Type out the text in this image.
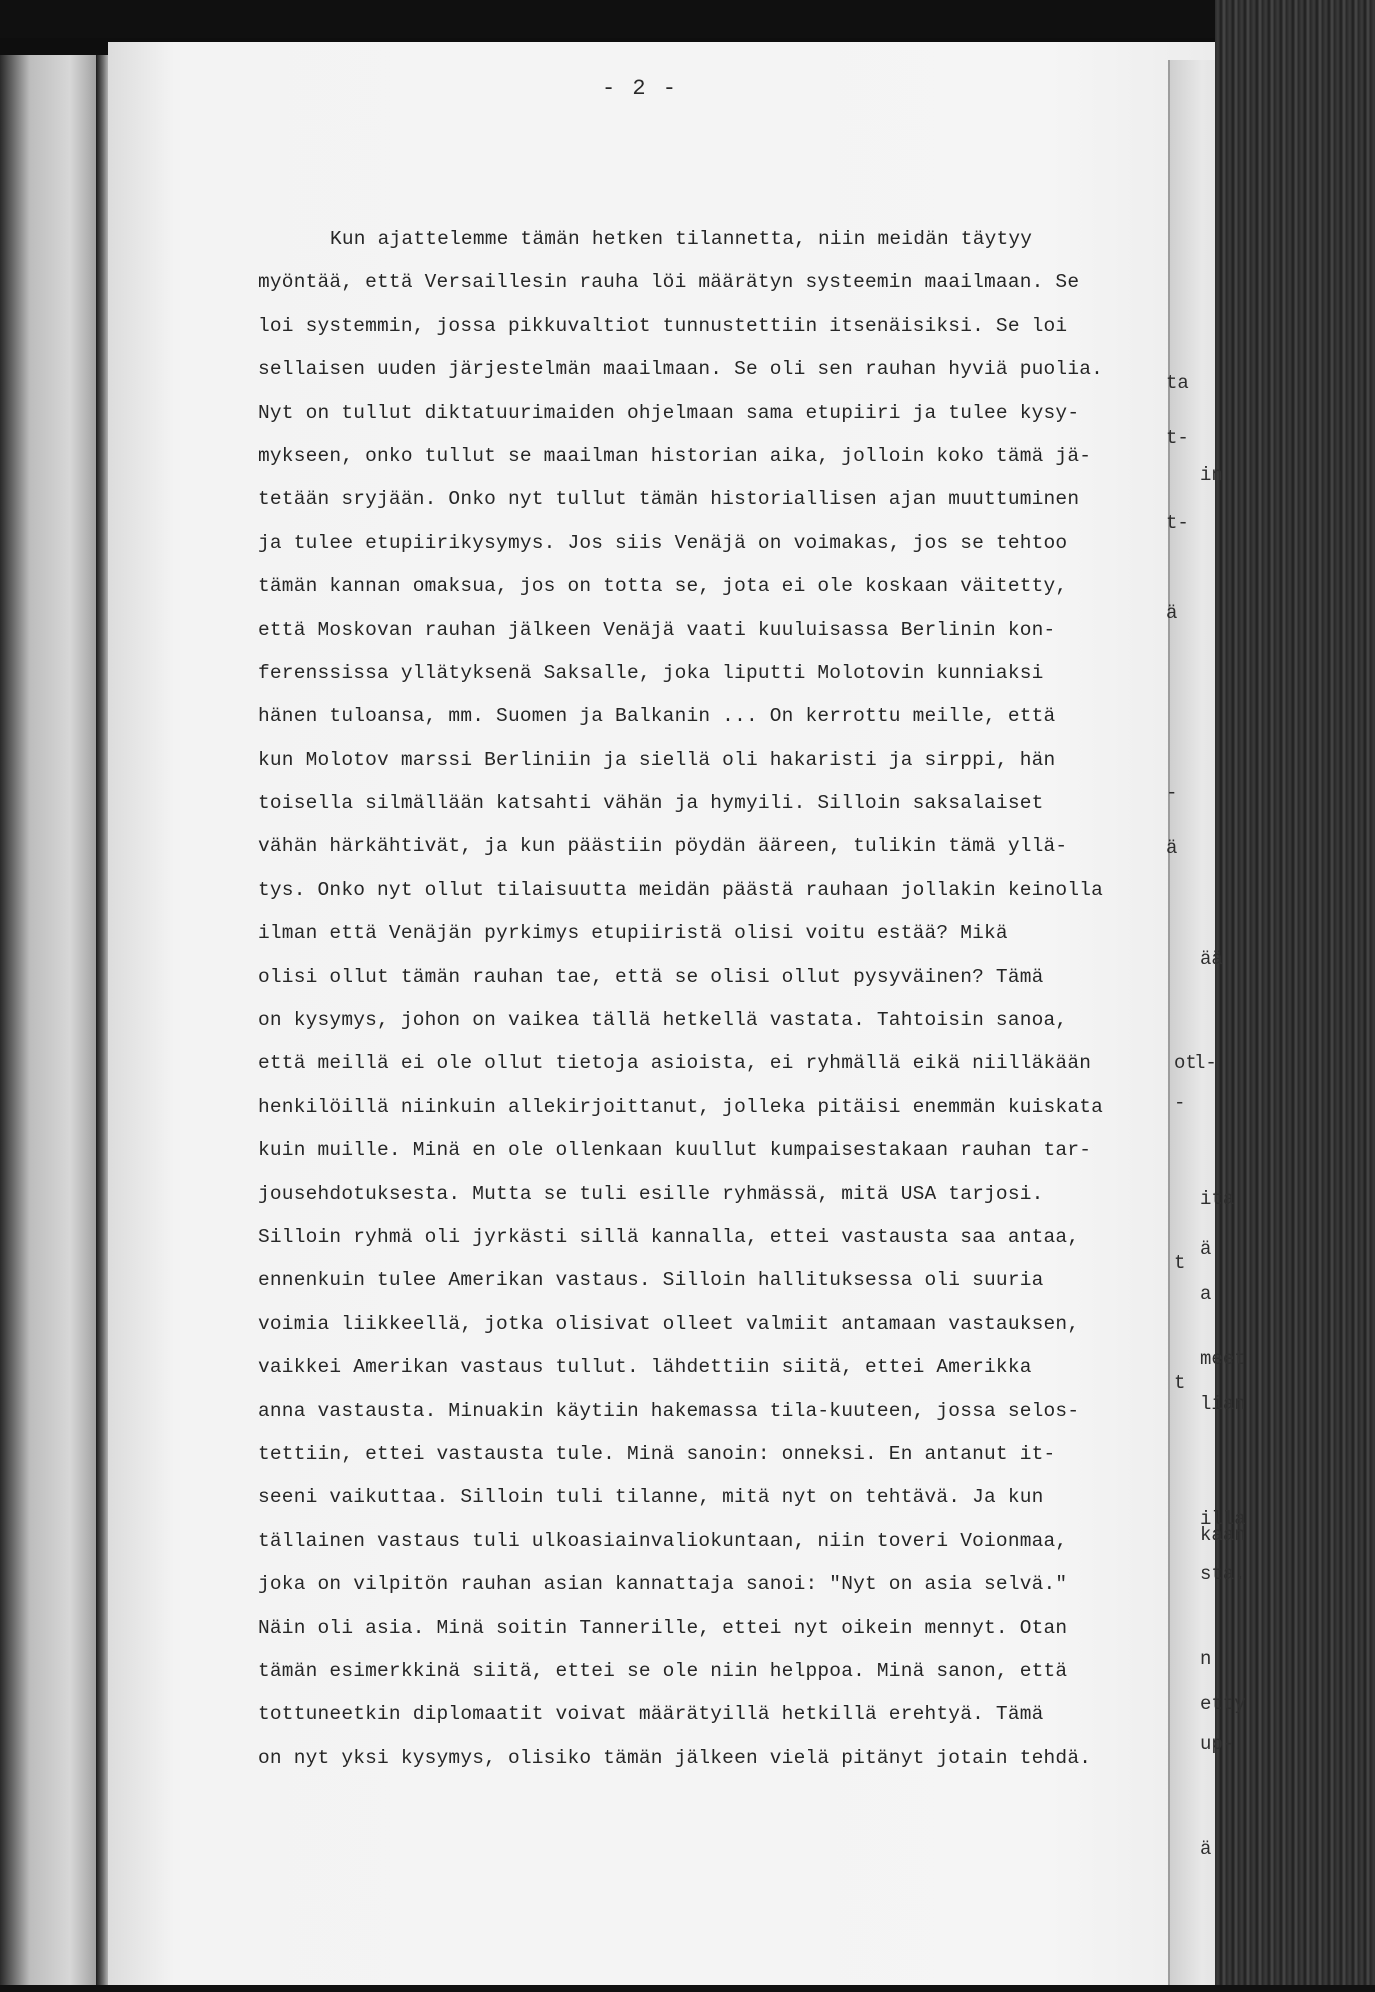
- 2 -
Kun ajattelemme tämän hetken tilannetta, niin meidän täytyy
myöntää, että Versaillesin rauha löi määrätyn systeemin maailmaan. Se
loi systemmin, jossa pikkuvaltiot tunnustettiin itsenäisiksi. Se loi
sellaisen uuden järjestelmän maailmaan. Se oli sen rauhan hyviä puolia.
Nyt on tullut diktatuurimaiden ohjelmaan sama etupiiri ja tulee kysy-
mykseen, onko tullut se maailman historian aika, jolloin koko tämä jä-
tetään sryjään. Onko nyt tullut tämän historiallisen ajan muuttuminen
ja tulee etupiirikysymys. Jos siis Venäjä on voimakas, jos se tehtoo
tämän kannan omaksua, jos on totta se, jota ei ole koskaan väitetty,
että Moskovan rauhan jälkeen Venäjä vaati kuuluisassa Berlinin kon-
ferenssissa yllätyksenä Saksalle, joka liputti Molotovin kunniaksi
hänen tuloansa, mm. Suomen ja Balkanin ... On kerrottu meille, että
kun Molotov marssi Berliniin ja siellä oli hakaristi ja sirppi, hän
toisella silmällään katsahti vähän ja hymyili. Silloin saksalaiset
vähän härkähtivät, ja kun päästiin pöydän ääreen, tulikin tämä yllä-
tys. Onko nyt ollut tilaisuutta meidän päästä rauhaan jollakin keinolla
ilman että Venäjän pyrkimys etupiiristä olisi voitu estää? Mikä
olisi ollut tämän rauhan tae, että se olisi ollut pysyväinen? Tämä
on kysymys, johon on vaikea tällä hetkellä vastata. Tahtoisin sanoa,
että meillä ei ole ollut tietoja asioista, ei ryhmällä eikä niilläkään
henkilöillä niinkuin allekirjoittanut, jolleka pitäisi enemmän kuiskata
kuin muille. Minä en ole ollenkaan kuullut kumpaisestakaan rauhan tar-
jousehdotuksesta. Mutta se tuli esille ryhmässä, mitä USA tarjosi.
Silloin ryhmä oli jyrkästi sillä kannalla, ettei vastausta saa antaa,
ennenkuin tulee Amerikan vastaus. Silloin hallituksessa oli suuria
voimia liikkeellä, jotka olisivat olleet valmiit antamaan vastauksen,
vaikkei Amerikan vastaus tullut. lähdettiin siitä, ettei Amerikka
anna vastausta. Minuakin käytiin hakemassa tila-kuuteen, jossa selos-
tettiin, ettei vastausta tule. Minä sanoin: onneksi. En antanut it-
seeni vaikuttaa. Silloin tuli tilanne, mitä nyt on tehtävä. Ja kun
tällainen vastaus tuli ulkoasiainvaliokuntaan, niin toveri Voionmaa,
joka on vilpitön rauhan asian kannattaja sanoi: "Nyt on asia selvä."
Näin oli asia. Minä soitin Tannerille, ettei nyt oikein mennyt. Otan
tämän esimerkkinä siitä, ettei se ole niin helppoa. Minä sanon, että
tottuneetkin diplomaatit voivat määrätyillä hetkillä erehtyä. Tämä
on nyt yksi kysymys, olisiko tämän jälkeen vielä pitänyt jotain tehdä.
ta
t-
t-
ä
-
ä
ot
l-
-
t
t
in
ää
ita
ä
a
meet
lian
illa
kaan
sta.
n
etty
up-
ä
